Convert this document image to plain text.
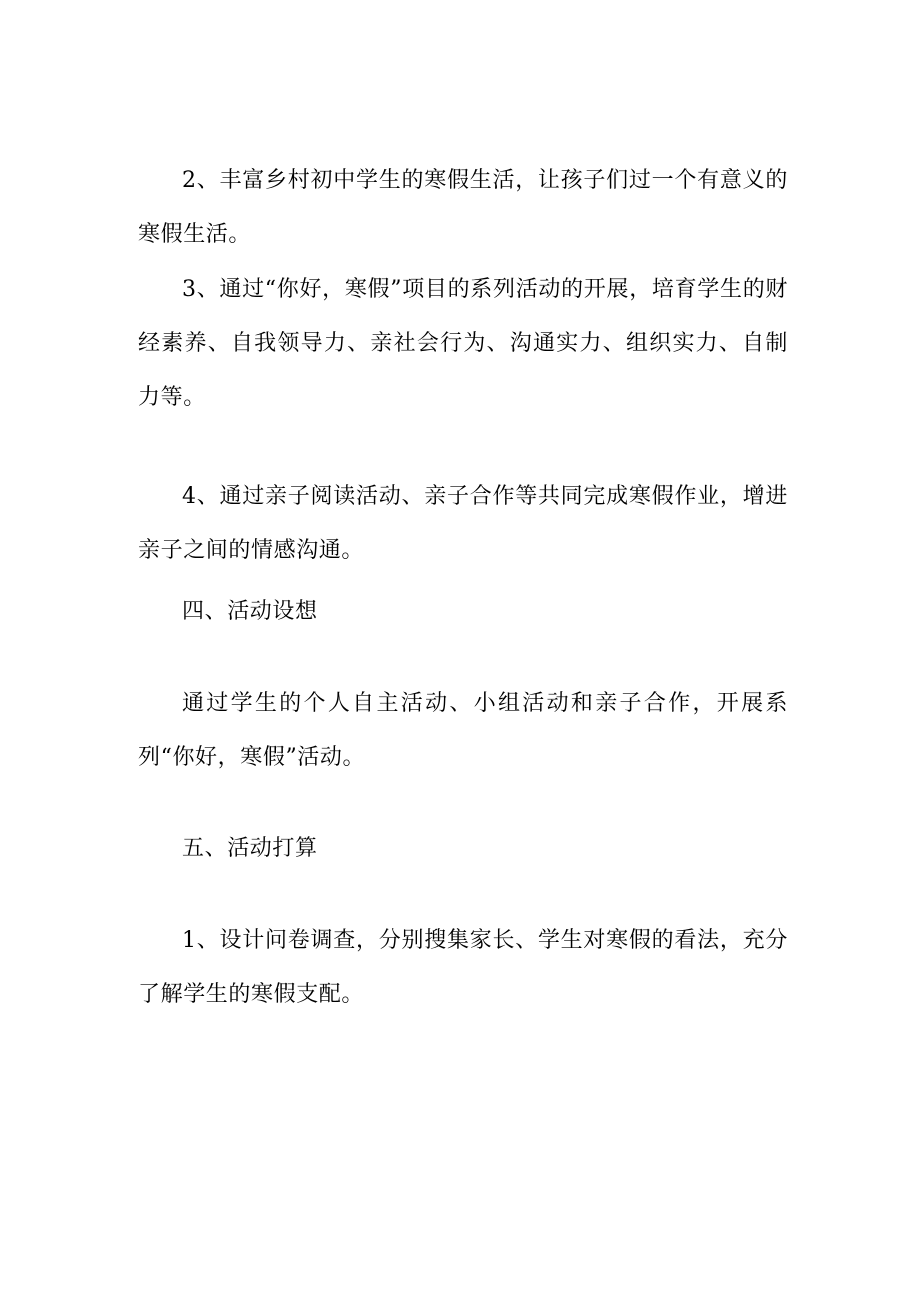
2、丰富乡村初中学生的寒假生活，让孩子们过一个有意义的寒假生活。

3、通过“你好，寒假”项目的系列活动的开展，培育学生的财经素养、自我领导力、亲社会行为、沟通实力、组织实力、自制力等。

4、通过亲子阅读活动、亲子合作等共同完成寒假作业，增进亲子之间的情感沟通。

四、活动设想

通过学生的个人自主活动、小组活动和亲子合作，开展系列“你好，寒假”活动。

五、活动打算

1、设计问卷调查，分别搜集家长、学生对寒假的看法，充分了解学生的寒假支配。
